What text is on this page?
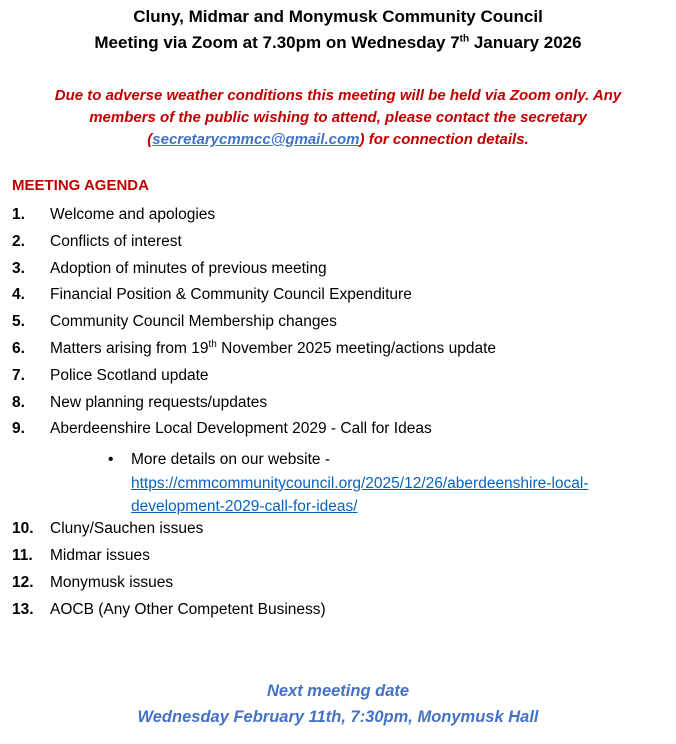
Cluny, Midmar and Monymusk Community Council
Meeting via Zoom at 7.30pm on Wednesday 7th January 2026
Due to adverse weather conditions this meeting will be held via Zoom only. Any members of the public wishing to attend, please contact the secretary (secretarycmmcc@gmail.com) for connection details.
MEETING AGENDA
1. Welcome and apologies
2. Conflicts of interest
3. Adoption of minutes of previous meeting
4. Financial Position & Community Council Expenditure
5. Community Council Membership changes
6. Matters arising from 19th November 2025 meeting/actions update
7. Police Scotland update
8. New planning requests/updates
9. Aberdeenshire Local Development 2029 - Call for Ideas
• More details on our website -
https://cmmcommunitycouncil.org/2025/12/26/aberdeenshire-local-development-2029-call-for-ideas/
10. Cluny/Sauchen issues
11. Midmar issues
12. Monymusk issues
13. AOCB (Any Other Competent Business)
Next meeting date
Wednesday February 11th, 7:30pm, Monymusk Hall
